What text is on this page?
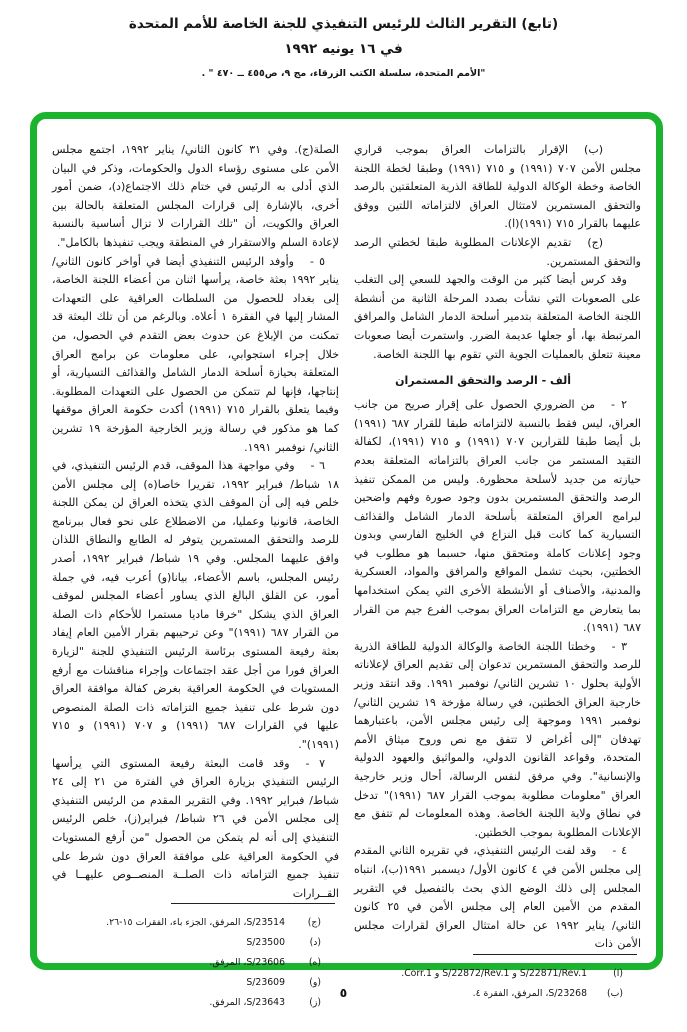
(تابع) التقرير الثالث للرئيس التنفيذي للجنة الخاصة للأمم المتحدة
في ١٦ يونيه ١٩٩٢
"الأمم المتحدة، سلسلة الكتب الزرقاء، مج ٩، ص٤٥٥ ــ ٤٧٠ " .

(ب)الإقرار بالتزامات العراق بموجب قراري مجلس الأمن ٧٠٧ (١٩٩١) و ٧١٥ (١٩٩١) وطبقا لخطة اللجنة الخاصة وخطة الوكالة الدولية للطاقة الذرية المتعلقتين بالرصد والتحقق المستمرين لامتثال العراق لالتزاماته اللتين ووفق عليهما بالقرار ٧١٥ (١٩٩١)(ا).

(ج)تقديم الإعلانات المطلوبة طبقا لخطتي الرصد والتحقق المستمرين.

وقد كرس أيضا كثير من الوقت والجهد للسعي إلى التغلب على الصعوبات التي نشأت بصدد المرحلة الثانية من أنشطة اللجنة الخاصة المتعلقة بتدمير أسلحة الدمار الشامل والمرافق المرتبطة بها، أو جعلها عديمة الضرر. واستمرت أيضا صعوبات معينة تتعلق بالعمليات الجوية التي تقوم بها اللجنة الخاصة.

ألف - الرصد والتحقق المستمران

٢ -من الضروري الحصول على إقرار صريح من جانب العراق، ليس فقط بالنسبة لالتزاماته طبقا للقرار ٦٨٧ (١٩٩١) بل أيضا طبقا للقرارين ٧٠٧ (١٩٩١) و ٧١٥ (١٩٩١)، لكفالة التقيد المستمر من جانب العراق بالتزاماته المتعلقة بعدم حيازته من جديد لأسلحة محظورة. وليس من الممكن تنفيذ الرصد والتحقق المستمرين بدون وجود صورة وفهم واضحين لبرامج العراق المتعلقة بأسلحة الدمار الشامل والقذائف التسيارية كما كانت قبل النزاع في الخليج الفارسي وبدون وجود إعلانات كاملة ومتحقق منها، حسبما هو مطلوب في الخطتين، بحيث تشمل المواقع والمرافق والمواد، العسكرية والمدنية، والأصناف أو الأنشطة الأخرى التي يمكن استخدامها بما يتعارض مع التزامات العراق بموجب الفرع جيم من القرار ٦٨٧ (١٩٩١).

٣ -وخطتا اللجنة الخاصة والوكالة الدولية للطاقة الذرية للرصد والتحقق المستمرين تدعوان إلى تقديم العراق لإعلاناته الأولية بحلول ١٠ تشرين الثاني/ نوفمبر ١٩٩١. وقد انتقد وزير خارجية العراق الخطتين، في رسالة مؤرخة ١٩ تشرين الثاني/ نوفمبر ١٩٩١ وموجهة إلى رئيس مجلس الأمن، باعتبارهما تهدفان "إلى أغراض لا تتفق مع نص وروح ميثاق الأمم المتحدة، وقواعد القانون الدولي، والمواثيق والعهود الدولية والإنسانية". وفي مرفق لنفس الرسالة، أحال وزير خارجية العراق "معلومات مطلوبة بموجب القرار ٦٨٧ (١٩٩١)" تدخل في نطاق ولاية اللجنة الخاصة. وهذه المعلومات لم تتفق مع الإعلانات المطلوبة بموجب الخطتين.

٤ -وقد لفت الرئيس التنفيذي، في تقريره الثاني المقدم إلى مجلس الأمن في ٤ كانون الأول/ ديسمبر ١٩٩١(ب)، انتباه المجلس إلى ذلك الوضع الذي بحث بالتفصيل في التقرير المقدم من الأمين العام إلى مجلس الأمن في ٢٥ كانون الثاني/ يناير ١٩٩٢ عن حالة امتثال العراق لقرارات مجلس الأمن ذات

(ا)
S/22871/Rev.1 و S/22872/Rev.1 و Corr.1.
(ب)
S/23268، المرفق، الفقرة ٤.

الصلة(ج). وفي ٣١ كانون الثاني/ يناير ١٩٩٢، اجتمع مجلس الأمن على مستوى رؤساء الدول والحكومات، وذكر في البيان الذي أدلى به الرئيس في ختام ذلك الاجتماع(د)، ضمن أمور أخرى، بالإشارة إلى قرارات المجلس المتعلقة بالحالة بين العراق والكويت، أن "تلك القرارات لا تزال أساسية بالنسبة لإعادة السلم والاستقرار في المنطقة ويجب تنفيذها بالكامل".

٥ -وأوفد الرئيس التنفيذي أيضا في أواخر كانون الثاني/ يناير ١٩٩٢ بعثة خاصة، يرأسها اثنان من أعضاء اللجنة الخاصة، إلى بغداد للحصول من السلطات العراقية على التعهدات المشار إليها في الفقرة ١ أعلاه. وبالرغم من أن تلك البعثة قد تمكنت من الإبلاغ عن حدوث بعض التقدم في الحصول، من خلال إجراء استجوابي، على معلومات عن برامج العراق المتعلقة بحيازة أسلحة الدمار الشامل والقذائف التسيارية، أو إنتاجها، فإنها لم تتمكن من الحصول على التعهدات المطلوبة. وفيما يتعلق بالقرار ٧١٥ (١٩٩١) أكدت حكومة العراق موقفها كما هو مذكور في رسالة وزير الخارجية المؤرخة ١٩ تشرين الثاني/ نوفمبر ١٩٩١.

٦ -وفي مواجهة هذا الموقف، قدم الرئيس التنفيذي، في ١٨ شباط/ فبراير ١٩٩٢، تقريرا خاصا(ه) إلى مجلس الأمن خلص فيه إلى أن الموقف الذي يتخذه العراق لن يمكن اللجنة الخاصة، قانونيا وعمليا، من الاضطلاع على نحو فعال ببرنامج للرصد والتحقق المستمرين يتوفر له الطابع والنطاق اللذان وافق عليهما المجلس. وفي ١٩ شباط/ فبراير ١٩٩٢، أصدر رئيس المجلس، باسم الأعضاء، بيانا(و) أعرب فيه، في جملة أمور، عن القلق البالغ الذي يساور أعضاء المجلس لموقف العراق الذي يشكل "خرقا ماديا مستمرا للأحكام ذات الصلة من القرار ٦٨٧ (١٩٩١)" وعن ترحيبهم بقرار الأمين العام إيفاد بعثة رفيعة المستوى برئاسة الرئيس التنفيذي للجنة "لزيارة العراق فورا من أجل عقد اجتماعات وإجراء مناقشات مع أرفع المستويات في الحكومة العراقية بغرض كفالة موافقة العراق دون شرط على تنفيذ جميع التزاماته ذات الصلة المنصوص عليها في القرارات ٦٨٧ (١٩٩١) و ٧٠٧ (١٩٩١) و ٧١٥ (١٩٩١)".

٧ -وقد قامت البعثة رفيعة المستوى التي يرأسها الرئيس التنفيذي بزيارة العراق في الفترة من ٢١ إلى ٢٤ شباط/ فبراير ١٩٩٢. وفي التقرير المقدم من الرئيس التنفيذي إلى مجلس الأمن في ٢٦ شباط/ فبراير(ز)، خلص الرئيس التنفيذي إلى أنه لم يتمكن من الحصول "من أرفع المستويات في الحكومة العراقية على موافقة العراق دون شرط على تنفيذ جميع التزاماته ذات الصلــة المنصــوص عليهــا في القــرارات

(ج)
S/23514، المرفق، الجزء باء، الفقرات ١٥-٢٦.
(د)
S/23500
(ه)
S/23606، المرفق.
(و)
S/23609
(ز)
S/23643، المرفق.
٥
